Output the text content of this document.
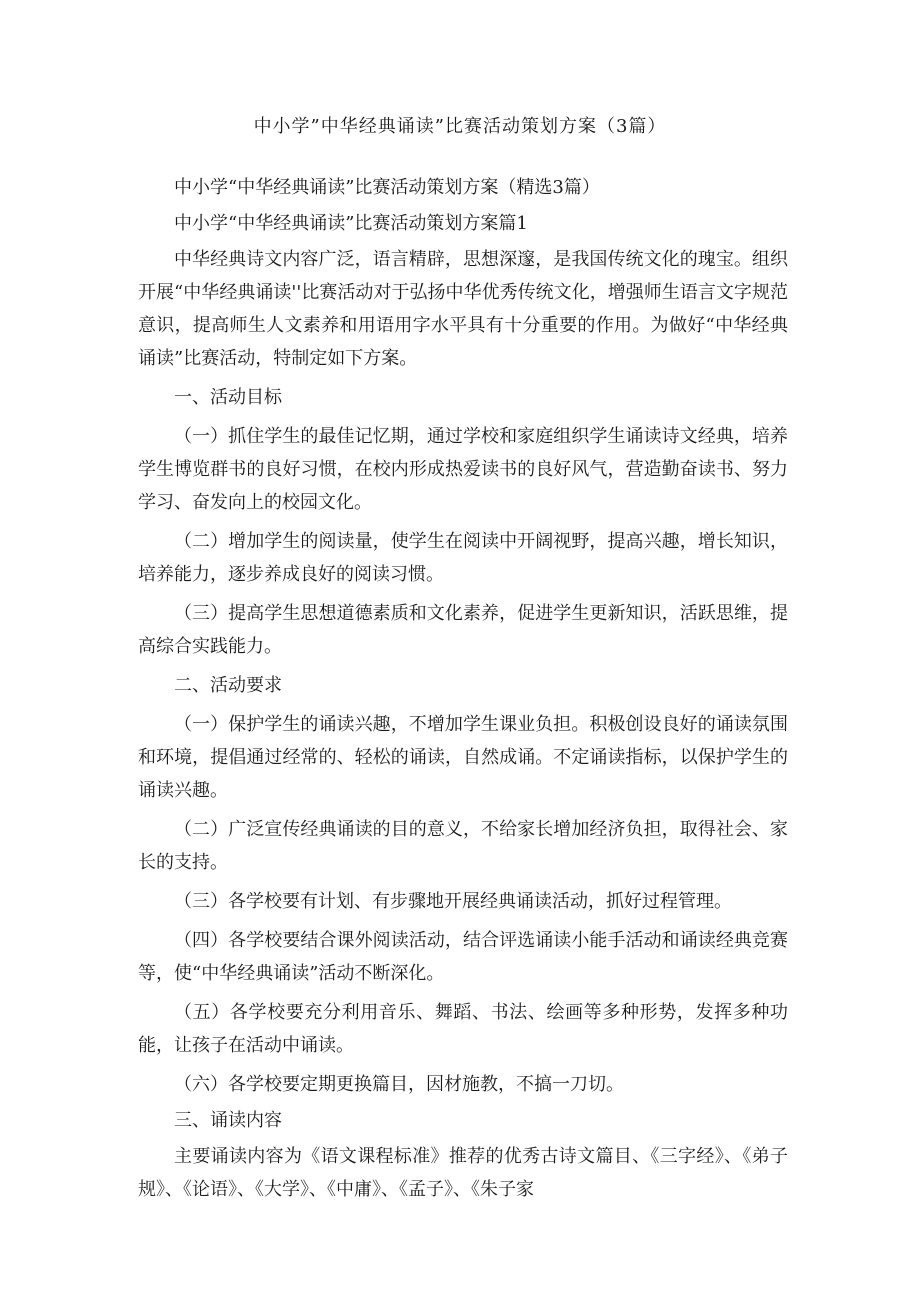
中小学”中华经典诵读”比赛活动策划方案（3篇）

中小学“中华经典诵读”比赛活动策划方案（精选3篇）

中小学“中华经典诵读”比赛活动策划方案篇1

中华经典诗文内容广泛，语言精辟，思想深邃，是我国传统文化的瑰宝。组织开展“中华经典诵读''比赛活动对于弘扬中华优秀传统文化，增强师生语言文字规范意识，提高师生人文素养和用语用字水平具有十分重要的作用。为做好“中华经典诵读”比赛活动，特制定如下方案。

一、活动目标

（一）抓住学生的最佳记忆期，通过学校和家庭组织学生诵读诗文经典，培养学生博览群书的良好习惯，在校内形成热爱读书的良好风气，营造勤奋读书、努力学习、奋发向上的校园文化。

（二）增加学生的阅读量，使学生在阅读中开阔视野，提高兴趣，增长知识，培养能力，逐步养成良好的阅读习惯。

（三）提高学生思想道德素质和文化素养，促进学生更新知识，活跃思维，提高综合实践能力。

二、活动要求

（一）保护学生的诵读兴趣，不增加学生课业负担。积极创设良好的诵读氛围和环境，提倡通过经常的、轻松的诵读，自然成诵。不定诵读指标，以保护学生的诵读兴趣。

（二）广泛宣传经典诵读的目的意义，不给家长增加经济负担，取得社会、家长的支持。

（三）各学校要有计划、有步骤地开展经典诵读活动，抓好过程管理。

（四）各学校要结合课外阅读活动，结合评选诵读小能手活动和诵读经典竞赛等，使“中华经典诵读”活动不断深化。

（五）各学校要充分利用音乐、舞蹈、书法、绘画等多种形势，发挥多种功能，让孩子在活动中诵读。

（六）各学校要定期更换篇目，因材施教，不搞一刀切。

三、诵读内容

主要诵读内容为《语文课程标准》推荐的优秀古诗文篇目、《三字经》、《弟子规》、《论语》、《大学》、《中庸》、《孟子》、《朱子家
